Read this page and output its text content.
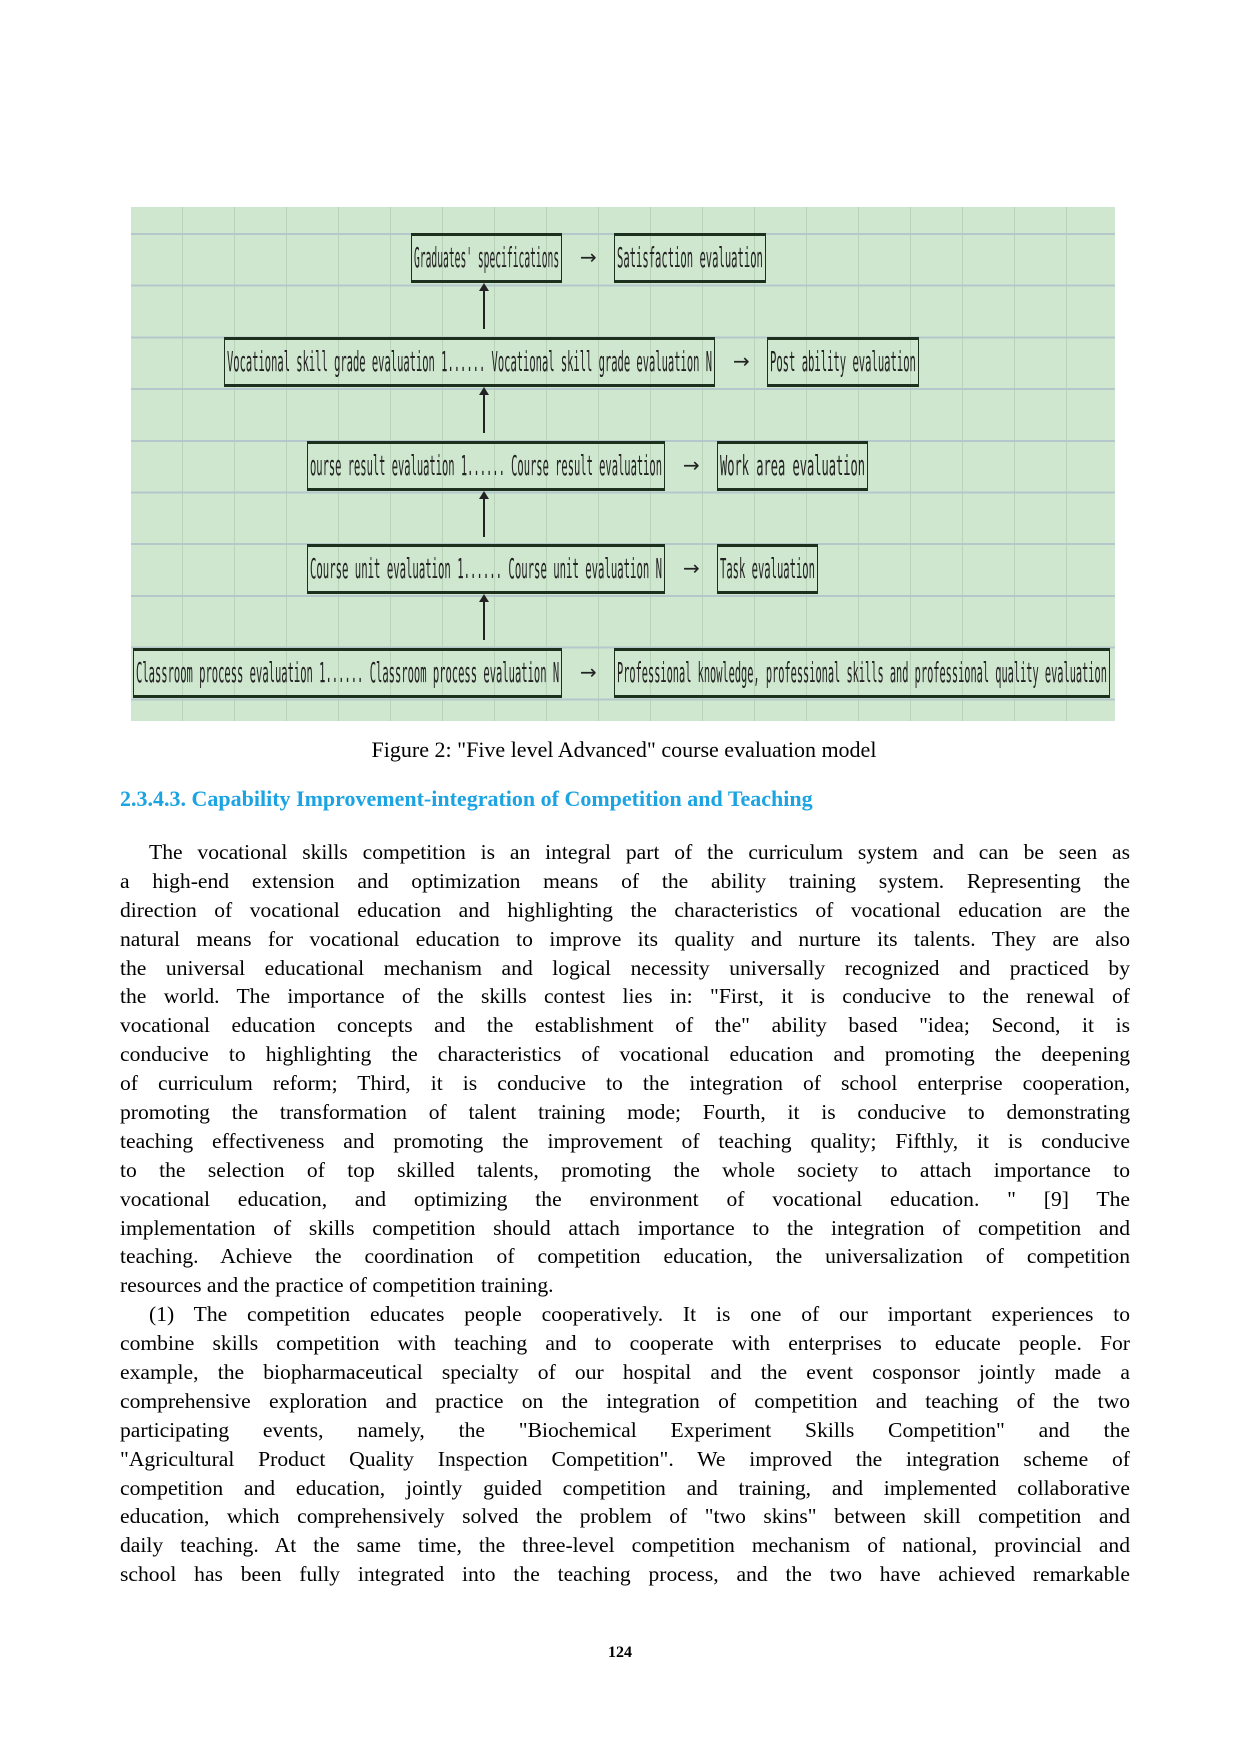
Graduates' specifications Satisfaction evaluation
→
Vocational skill grade evaluation 1...... Vocational skill grade evaluation N Post ability evaluation
→
ourse result evaluation 1...... Course result evaluation Work area evaluation
→
Course unit evaluation 1...... Course unit evaluation N Task evaluation
→
Classroom process evaluation 1...... Classroom process evaluation N Professional knowledge, professional skills and professional quality evaluation
→
Figure 2: "Five level Advanced" course evaluation model
2.3.4.3. Capability Improvement-integration of Competition and Teaching
The vocational skills competition is an integral part of the curriculum system and can be seen as
a high-end extension and optimization means of the ability training system. Representing the
direction of vocational education and highlighting the characteristics of vocational education are the
natural means for vocational education to improve its quality and nurture its talents. They are also
the universal educational mechanism and logical necessity universally recognized and practiced by
the world. The importance of the skills contest lies in: "First, it is conducive to the renewal of
vocational education concepts and the establishment of the" ability based "idea; Second, it is
conducive to highlighting the characteristics of vocational education and promoting the deepening
of curriculum reform; Third, it is conducive to the integration of school enterprise cooperation,
promoting the transformation of talent training mode; Fourth, it is conducive to demonstrating
teaching effectiveness and promoting the improvement of teaching quality; Fifthly, it is conducive
to the selection of top skilled talents, promoting the whole society to attach importance to
vocational education, and optimizing the environment of vocational education. " [9] The
implementation of skills competition should attach importance to the integration of competition and
teaching. Achieve the coordination of competition education, the universalization of competition
resources and the practice of competition training.
(1) The competition educates people cooperatively. It is one of our important experiences to
combine skills competition with teaching and to cooperate with enterprises to educate people. For
example, the biopharmaceutical specialty of our hospital and the event cosponsor jointly made a
comprehensive exploration and practice on the integration of competition and teaching of the two
participating events, namely, the "Biochemical Experiment Skills Competition" and the
"Agricultural Product Quality Inspection Competition". We improved the integration scheme of
competition and education, jointly guided competition and training, and implemented collaborative
education, which comprehensively solved the problem of "two skins" between skill competition and
daily teaching. At the same time, the three-level competition mechanism of national, provincial and
school has been fully integrated into the teaching process, and the two have achieved remarkable
124
